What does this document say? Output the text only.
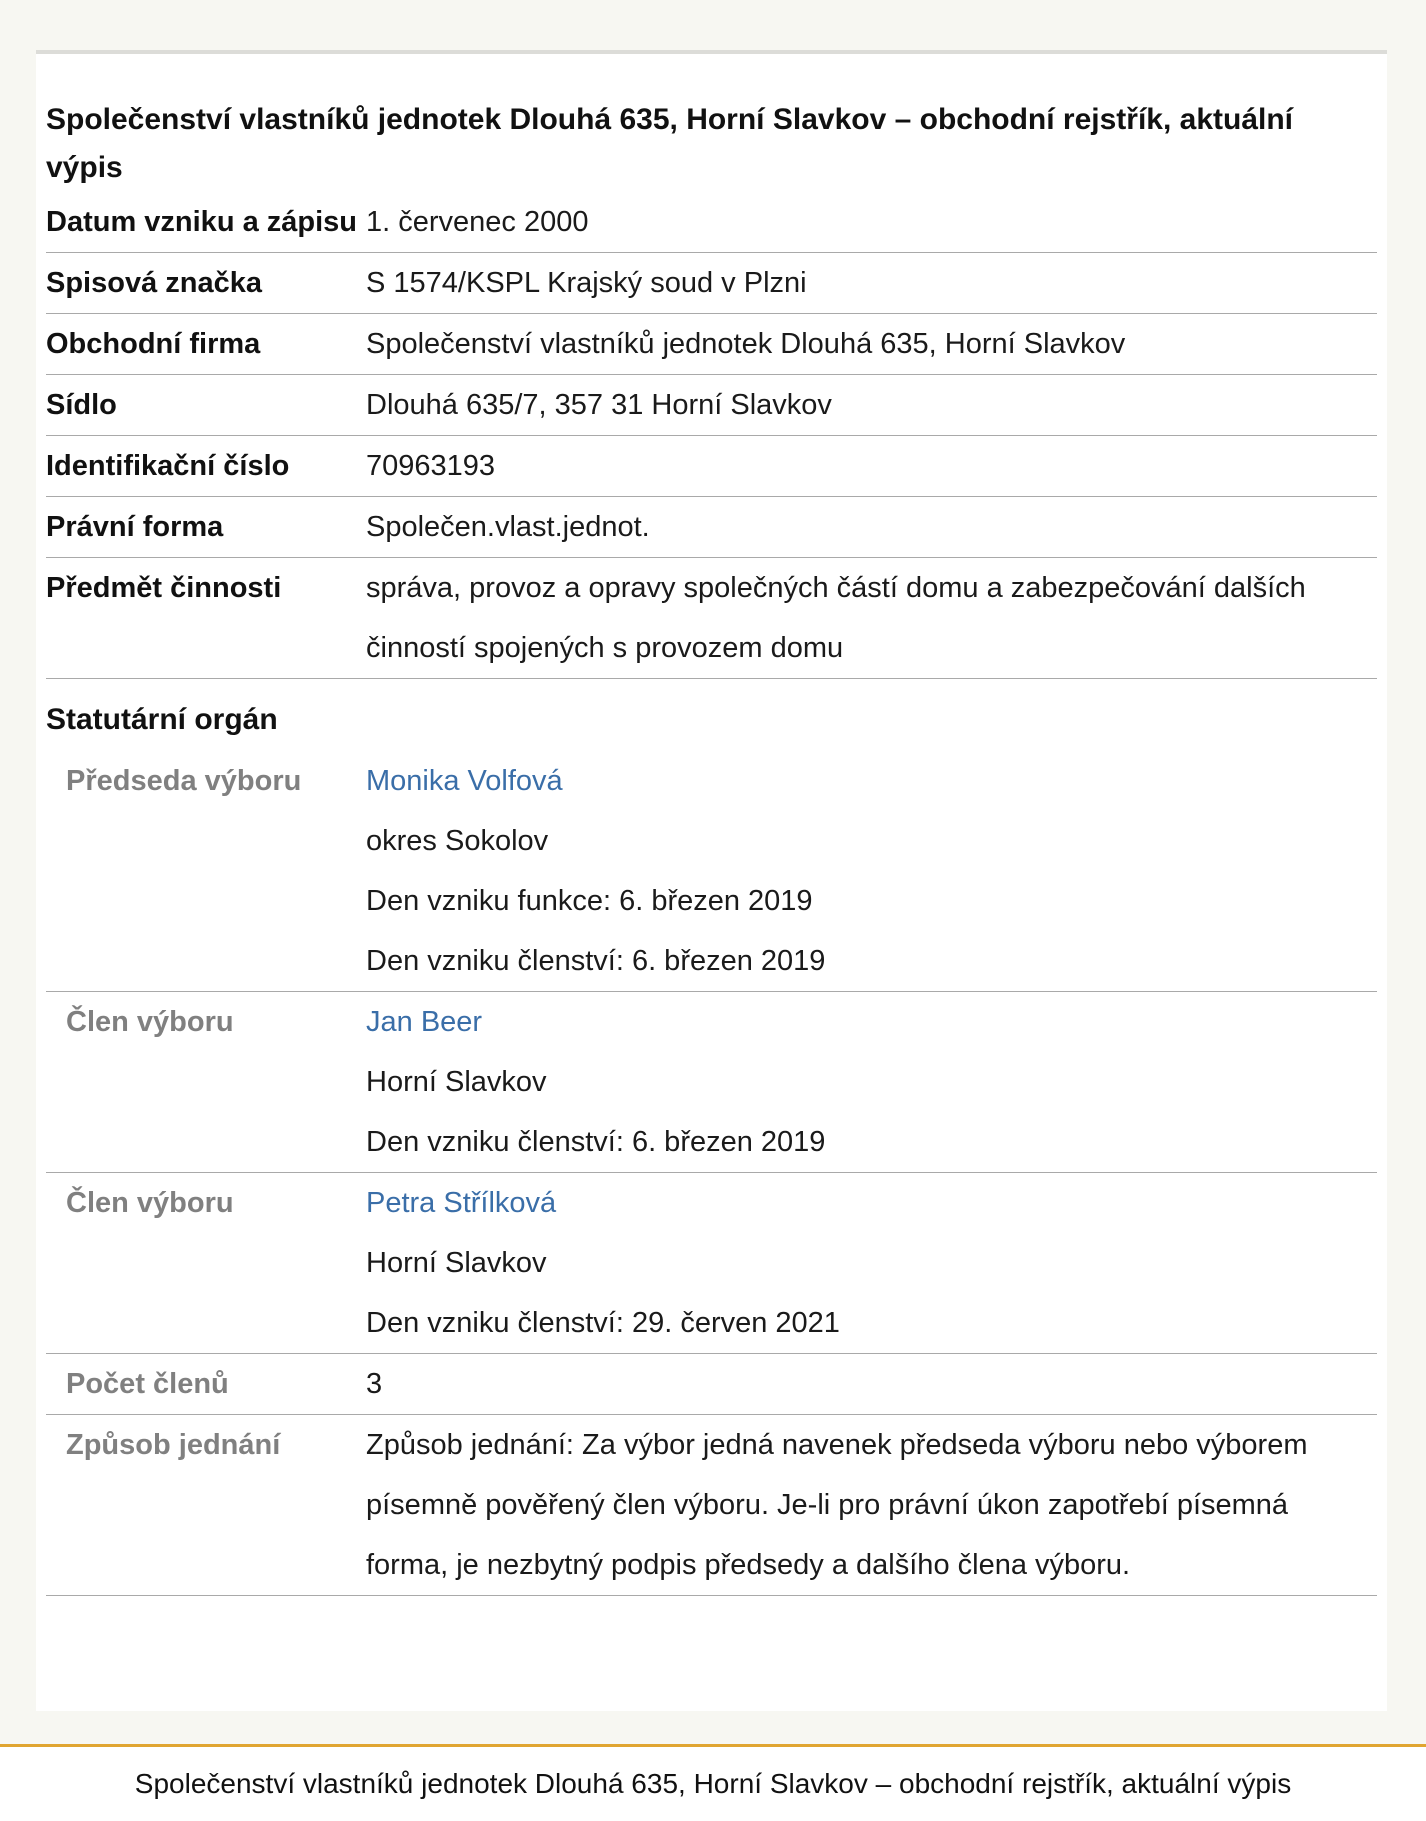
Společenství vlastníků jednotek Dlouhá 635, Horní Slavkov – obchodní rejstřík, aktuální výpis
Datum vzniku a zápisu	1. červenec 2000
Spisová značka	S 1574/KSPL Krajský soud v Plzni
Obchodní firma	Společenství vlastníků jednotek Dlouhá 635, Horní Slavkov
Sídlo	Dlouhá 635/7, 357 31 Horní Slavkov
Identifikační číslo	70963193
Právní forma	Společen.vlast.jednot.
Předmět činnosti	správa, provoz a opravy společných částí domu a zabezpečování dalších činností spojených s provozem domu
Statutární orgán
Předseda výboru	Monika Volfová
okres Sokolov
Den vzniku funkce: 6. březen 2019
Den vzniku členství: 6. březen 2019

Člen výboru	Jan Beer
Horní Slavkov
Den vzniku členství: 6. březen 2019

Člen výboru	Petra Střílková
Horní Slavkov
Den vzniku členství: 29. červen 2021

Počet členů	3
Způsob jednání	Způsob jednání: Za výbor jedná navenek předseda výboru nebo výborem písemně pověřený člen výboru. Je-li pro právní úkon zapotřebí písemná forma, je nezbytný podpis předsedy a dalšího člena výboru.
Společenství vlastníků jednotek Dlouhá 635, Horní Slavkov – obchodní rejstřík, aktuální výpis
